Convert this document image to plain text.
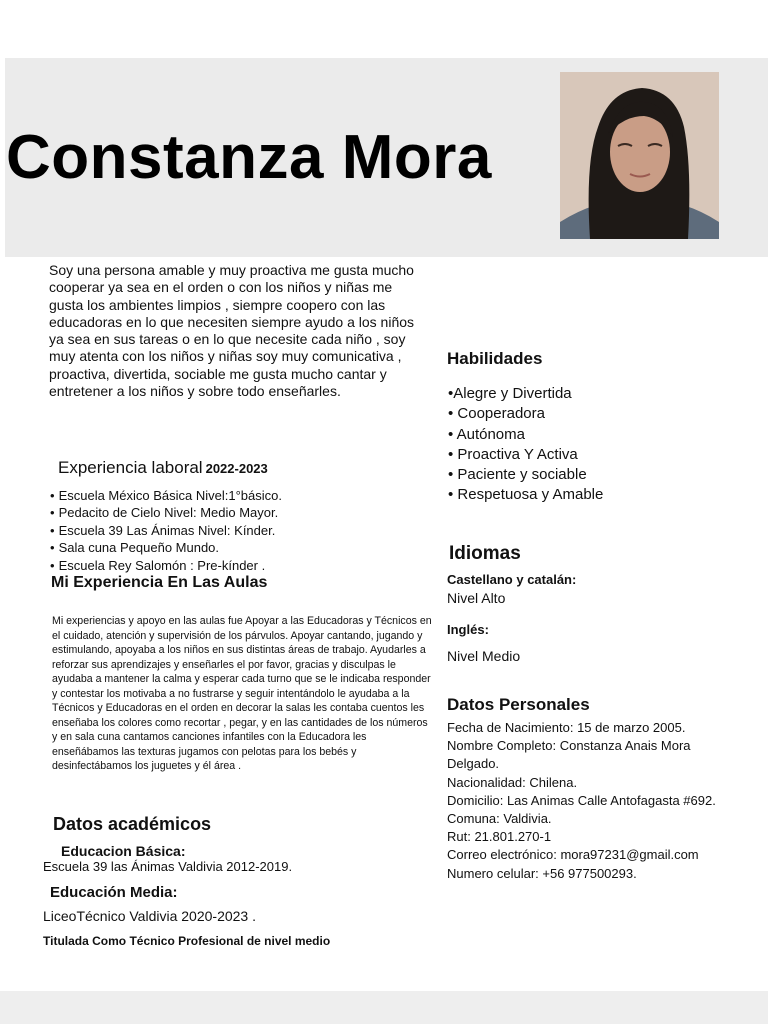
Constanza Mora
Soy una persona amable y muy proactiva me gusta mucho cooperar ya sea en el orden o con los niños y niñas me gusta los ambientes limpios , siempre coopero con las educadoras en lo que necesiten siempre ayudo a los niños ya sea en sus tareas o en lo que necesite cada niño , soy muy atenta con los niños y niñas soy muy comunicativa , proactiva, divertida, sociable me gusta mucho cantar y entretener a los niños y sobre todo enseñarles.
Experiencia laboral 2022-2023
• Escuela México Básica Nivel:1°básico.
• Pedacito de Cielo Nivel: Medio Mayor.
• Escuela 39 Las Ánimas Nivel: Kínder.
• Sala cuna Pequeño Mundo.
• Escuela Rey Salomón : Pre-kínder .
Mi Experiencia En Las Aulas
Mi experiencias y apoyo en las aulas fue Apoyar a las Educadoras y Técnicos en el cuidado, atención y supervisión de los párvulos. Apoyar cantando, jugando y estimulando, apoyaba a los niños en sus distintas áreas de trabajo. Ayudarles a reforzar sus aprendizajes y enseñarles el por favor, gracias y disculpas le ayudaba a mantener la calma y esperar cada turno que se le indicaba responder y contestar los motivaba a no fustrarse y seguir intentándolo le ayudaba a la Técnicos y Educadoras en el orden en decorar la salas les contaba cuentos les enseñaba los colores como recortar , pegar, y en las cantidades de los números y en sala cuna cantamos canciones infantiles con la Educadora les enseñábamos las texturas jugamos con pelotas para los bebés y desinfectábamos los juguetes y él área .
Datos académicos
Educacion Básica:
Escuela 39 las Ánimas Valdivia 2012-2019.
Educación Media:
LiceoTécnico Valdivia 2020-2023 .
Titulada Como Técnico Profesional de nivel medio
Habilidades
•Alegre y Divertida
• Cooperadora
• Autónoma
• Proactiva Y Activa
• Paciente y sociable
• Respetuosa y Amable
Idiomas
Castellano y catalán:
Nivel Alto
Inglés:
Nivel Medio
Datos Personales
Fecha de Nacimiento: 15 de marzo 2005.
Nombre Completo: Constanza Anais Mora Delgado.
Nacionalidad: Chilena.
Domicilio: Las Animas Calle Antofagasta #692.
Comuna: Valdivia.
Rut: 21.801.270-1
Correo electrónico: mora97231@gmail.com
Numero celular: +56 977500293.
